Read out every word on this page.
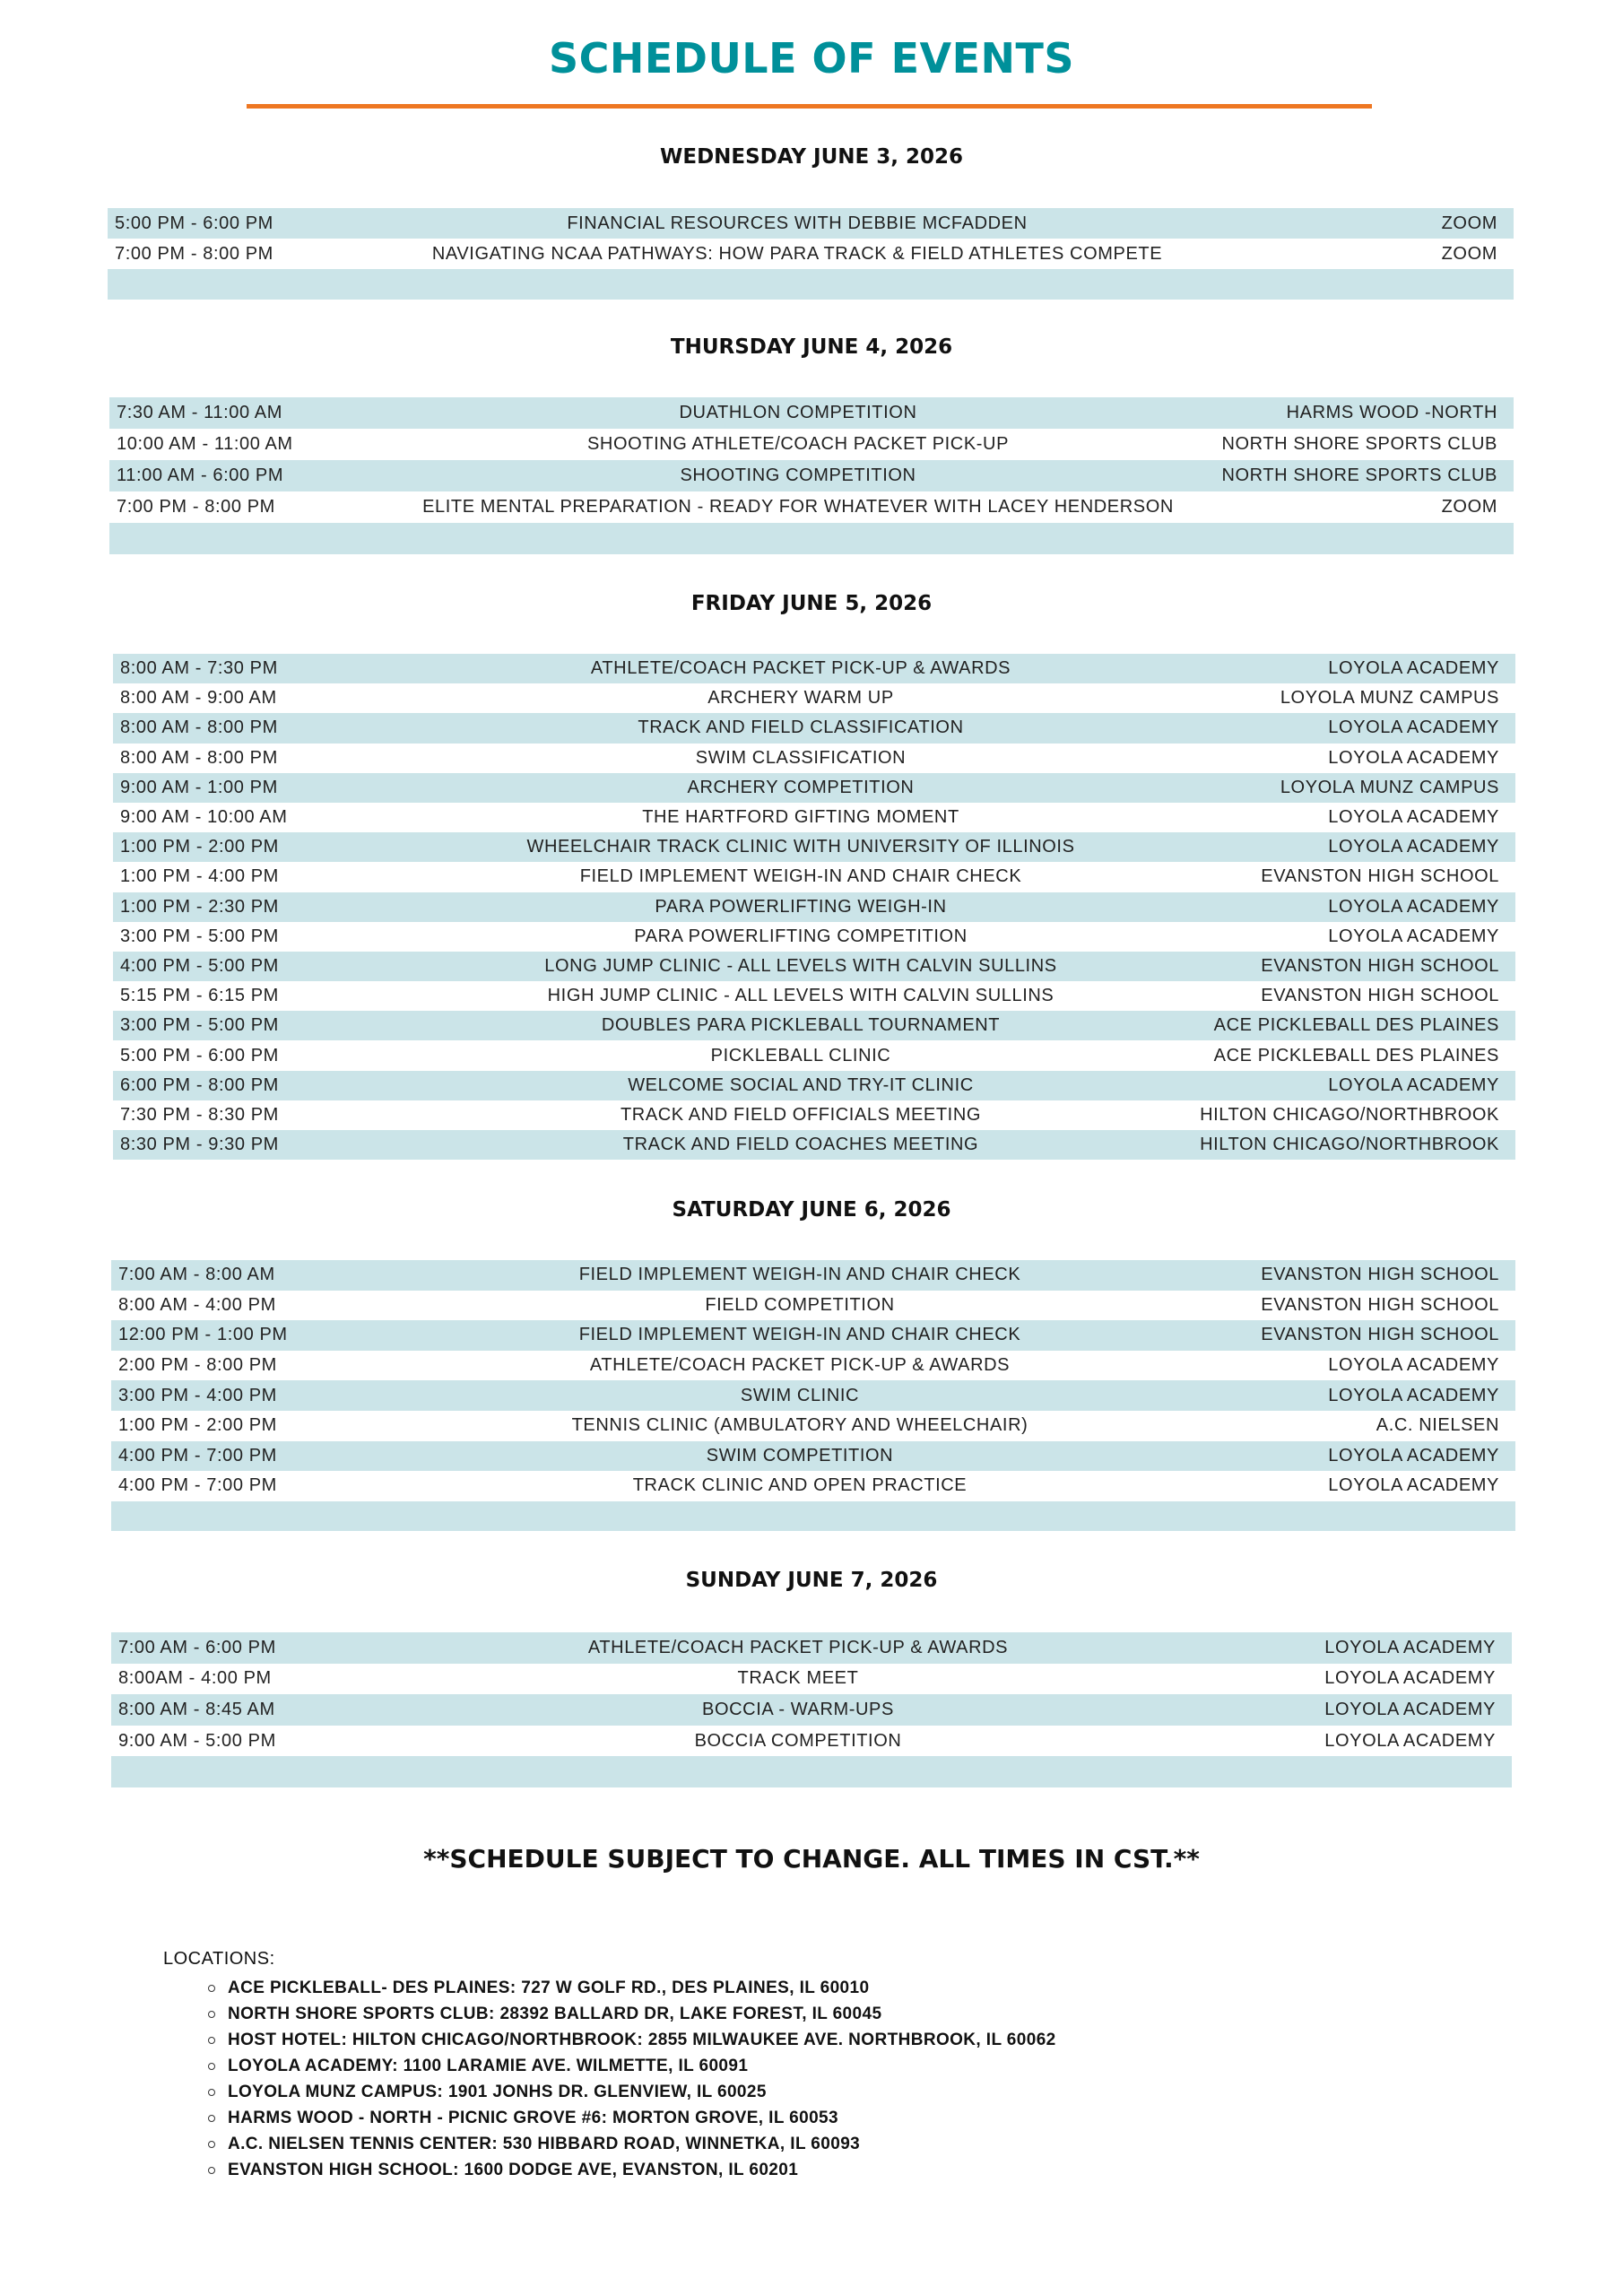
SCHEDULE OF EVENTS
WEDNESDAY JUNE 3, 2026
5:00 PM - 6:00 PM	FINANCIAL RESOURCES WITH DEBBIE MCFADDEN	ZOOM
7:00 PM - 8:00 PM	NAVIGATING NCAA PATHWAYS: HOW PARA TRACK & FIELD ATHLETES COMPETE	ZOOM
THURSDAY JUNE 4, 2026
7:30 AM - 11:00 AM	DUATHLON COMPETITION	HARMS WOOD -NORTH
10:00 AM - 11:00 AM	SHOOTING ATHLETE/COACH PACKET PICK-UP	NORTH SHORE SPORTS CLUB
11:00 AM - 6:00 PM	SHOOTING COMPETITION	NORTH SHORE SPORTS CLUB
7:00 PM - 8:00 PM	ELITE MENTAL PREPARATION - READY FOR WHATEVER WITH LACEY HENDERSON	ZOOM
FRIDAY JUNE 5, 2026
8:00 AM - 7:30 PM	ATHLETE/COACH PACKET PICK-UP & AWARDS	LOYOLA ACADEMY
8:00 AM - 9:00 AM	ARCHERY WARM UP	LOYOLA MUNZ CAMPUS
8:00 AM - 8:00 PM	TRACK AND FIELD CLASSIFICATION	LOYOLA ACADEMY
8:00 AM - 8:00 PM	SWIM CLASSIFICATION	LOYOLA ACADEMY
9:00 AM - 1:00 PM	ARCHERY COMPETITION	LOYOLA MUNZ CAMPUS
9:00 AM - 10:00 AM	THE HARTFORD GIFTING MOMENT	LOYOLA ACADEMY
1:00 PM - 2:00 PM	WHEELCHAIR TRACK CLINIC WITH UNIVERSITY OF ILLINOIS	LOYOLA ACADEMY
1:00 PM - 4:00 PM	FIELD IMPLEMENT WEIGH-IN AND CHAIR CHECK	EVANSTON HIGH SCHOOL
1:00 PM - 2:30 PM	PARA POWERLIFTING WEIGH-IN	LOYOLA ACADEMY
3:00 PM - 5:00 PM	PARA POWERLIFTING COMPETITION	LOYOLA ACADEMY
4:00 PM - 5:00 PM	LONG JUMP CLINIC - ALL LEVELS WITH CALVIN SULLINS	EVANSTON HIGH SCHOOL
5:15 PM - 6:15 PM	HIGH JUMP CLINIC - ALL LEVELS WITH CALVIN SULLINS	EVANSTON HIGH SCHOOL
3:00 PM - 5:00 PM	DOUBLES PARA PICKLEBALL TOURNAMENT	ACE PICKLEBALL DES PLAINES
5:00 PM - 6:00 PM	PICKLEBALL CLINIC	ACE PICKLEBALL DES PLAINES
6:00 PM - 8:00 PM	WELCOME SOCIAL AND TRY-IT CLINIC	LOYOLA ACADEMY
7:30 PM - 8:30 PM	TRACK AND FIELD OFFICIALS MEETING	HILTON CHICAGO/NORTHBROOK
8:30 PM - 9:30 PM	TRACK AND FIELD COACHES MEETING	HILTON CHICAGO/NORTHBROOK
SATURDAY JUNE 6, 2026
7:00 AM - 8:00 AM	FIELD IMPLEMENT WEIGH-IN AND CHAIR CHECK	EVANSTON HIGH SCHOOL
8:00 AM - 4:00 PM	FIELD COMPETITION	EVANSTON HIGH SCHOOL
12:00 PM - 1:00 PM	FIELD IMPLEMENT WEIGH-IN AND CHAIR CHECK	EVANSTON HIGH SCHOOL
2:00 PM - 8:00 PM	ATHLETE/COACH PACKET PICK-UP & AWARDS	LOYOLA ACADEMY
3:00 PM - 4:00 PM	SWIM CLINIC	LOYOLA ACADEMY
1:00 PM - 2:00 PM	TENNIS CLINIC (AMBULATORY AND WHEELCHAIR)	A.C. NIELSEN
4:00 PM - 7:00 PM	SWIM COMPETITION	LOYOLA ACADEMY
4:00 PM - 7:00 PM	TRACK CLINIC AND OPEN PRACTICE	LOYOLA ACADEMY
SUNDAY JUNE 7, 2026
7:00 AM - 6:00 PM	ATHLETE/COACH PACKET PICK-UP & AWARDS	LOYOLA ACADEMY
8:00AM - 4:00 PM	TRACK MEET	LOYOLA ACADEMY
8:00 AM - 8:45 AM	BOCCIA - WARM-UPS	LOYOLA ACADEMY
9:00 AM - 5:00 PM	BOCCIA COMPETITION	LOYOLA ACADEMY
**SCHEDULE SUBJECT TO CHANGE. ALL TIMES IN CST.**
LOCATIONS:
ACE PICKLEBALL- DES PLAINES: 727 W GOLF RD., DES PLAINES, IL 60010
NORTH SHORE SPORTS CLUB: 28392 BALLARD DR, LAKE FOREST, IL 60045
HOST HOTEL: HILTON CHICAGO/NORTHBROOK: 2855 MILWAUKEE AVE. NORTHBROOK, IL 60062
LOYOLA ACADEMY: 1100 LARAMIE AVE. WILMETTE, IL 60091
LOYOLA MUNZ CAMPUS: 1901 JONHS DR. GLENVIEW, IL 60025
HARMS WOOD - NORTH - PICNIC GROVE #6: MORTON GROVE, IL 60053
A.C. NIELSEN TENNIS CENTER: 530 HIBBARD ROAD, WINNETKA, IL 60093
EVANSTON HIGH SCHOOL: 1600 DODGE AVE, EVANSTON, IL 60201
